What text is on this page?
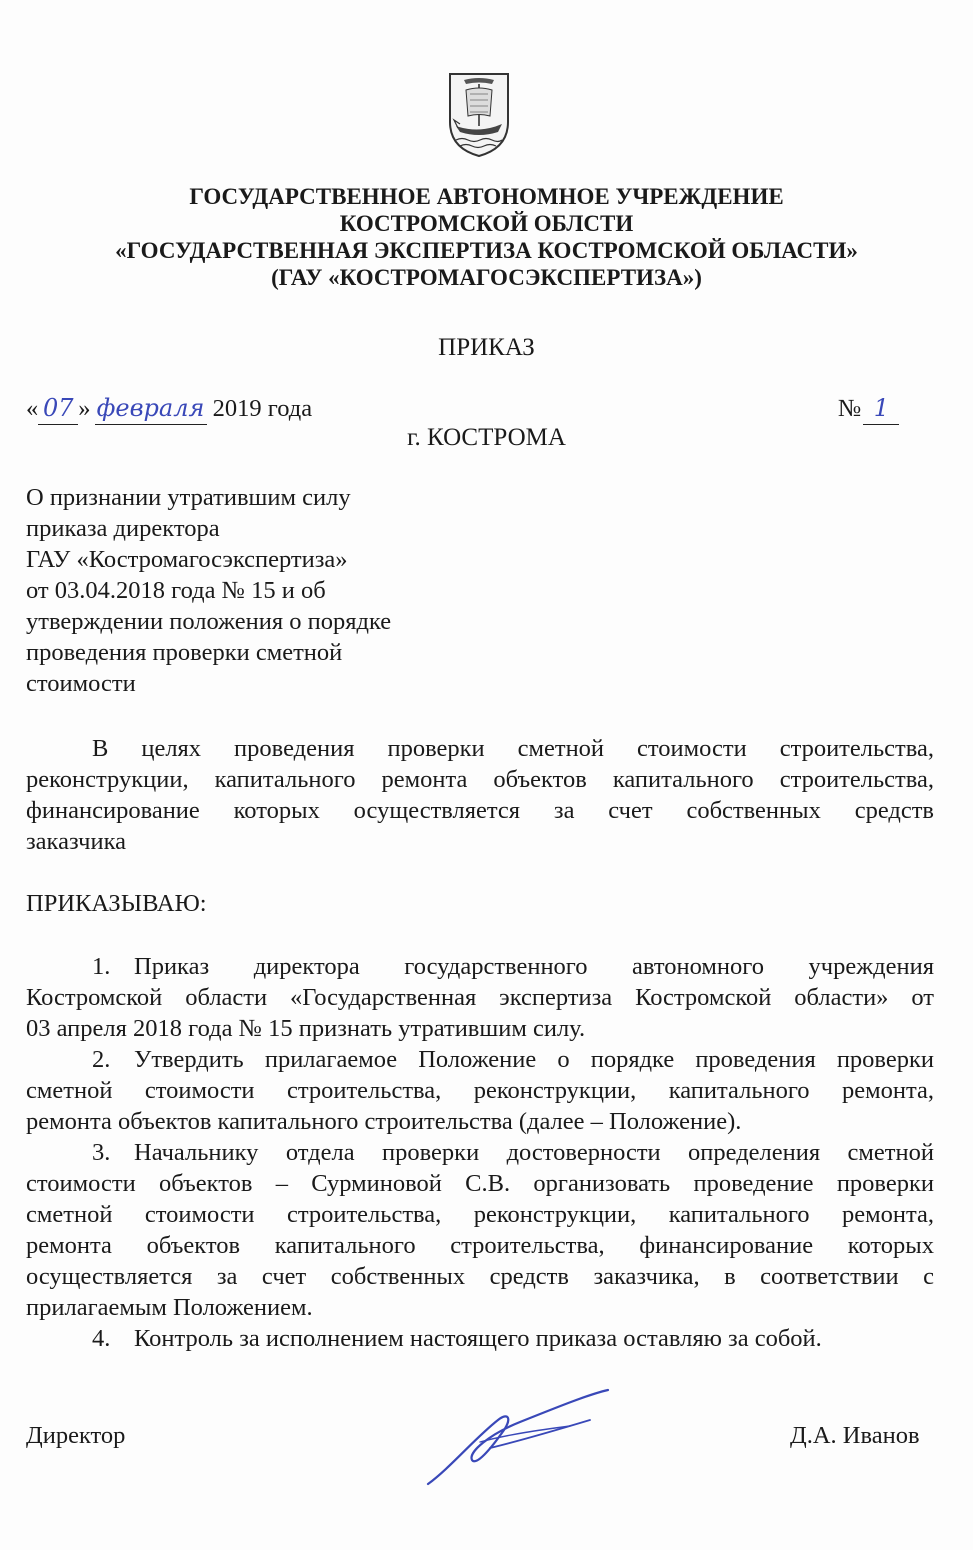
ГОСУДАРСТВЕННОЕ АВТОНОМНОЕ УЧРЕЖДЕНИЕ
КОСТРОМСКОЙ ОБЛСТИ
«ГОСУДАРСТВЕННАЯ ЭКСПЕРТИЗА КОСТРОМСКОЙ ОБЛАСТИ»
(ГАУ «КОСТРОМАГОСЭКСПЕРТИЗА»)
ПРИКАЗ
« 07 » февраля 2019 года	№ 1
г. КОСТРОМА
О признании утратившим силу
приказа директора
ГАУ «Костромагосэкспертиза»
от 03.04.2018 года № 15 и об
утверждении положения о порядке
проведения проверки сметной
стоимости
В целях проведения проверки сметной стоимости строительства,
реконструкции, капитального ремонта объектов капитального строительства,
финансирование которых осуществляется за счет собственных средств
заказчика
ПРИКАЗЫВАЮ:
1. Приказ директора государственного автономного учреждения
Костромской области «Государственная экспертиза Костромской области» от
03 апреля 2018 года № 15 признать утратившим силу.
2. Утвердить прилагаемое Положение о порядке проведения проверки
сметной стоимости строительства, реконструкции, капитального ремонта,
ремонта объектов капитального строительства (далее – Положение).
3. Начальнику отдела проверки достоверности определения сметной
стоимости объектов – Сурминовой С.В. организовать проведение проверки
сметной стоимости строительства, реконструкции, капитального ремонта,
ремонта объектов капитального строительства, финансирование которых
осуществляется за счет собственных средств заказчика, в соответствии с
прилагаемым Положением.
4. Контроль за исполнением настоящего приказа оставляю за собой.
Директор	Д.А. Иванов
